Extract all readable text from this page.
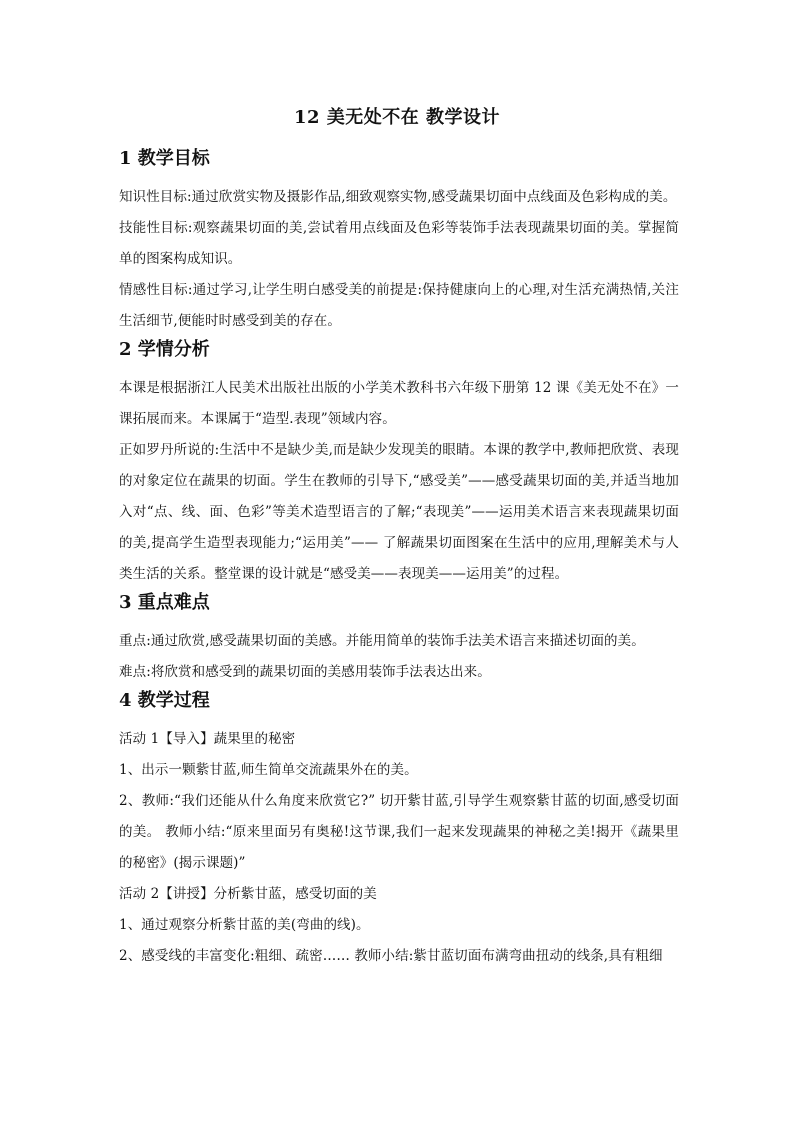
12 美无处不在 教学设计
1 教学目标

知识性目标:通过欣赏实物及摄影作品,细致观察实物,感受蔬果切面中点线面及色彩构成的美。

技能性目标:观察蔬果切面的美,尝试着用点线面及色彩等装饰手法表现蔬果切面的美。掌握简单的图案构成知识。

情感性目标:通过学习,让学生明白感受美的前提是:保持健康向上的心理,对生活充满热情,关注生活细节,便能时时感受到美的存在。

2 学情分析

本课是根据浙江人民美术出版社出版的小学美术教科书六年级下册第 12 课《美无处不在》一课拓展而来。本课属于“造型.表现”领域内容。

正如罗丹所说的:生活中不是缺少美,而是缺少发现美的眼睛。本课的教学中,教师把欣赏、表现的对象定位在蔬果的切面。学生在教师的引导下,“感受美”——感受蔬果切面的美,并适当地加入对“点、线、面、色彩”等美术造型语言的了解;“表现美”——运用美术语言来表现蔬果切面的美,提高学生造型表现能力;“运用美”—— 了解蔬果切面图案在生活中的应用,理解美术与人类生活的关系。整堂课的设计就是“感受美——表现美——运用美”的过程。

3 重点难点

重点:通过欣赏,感受蔬果切面的美感。并能用简单的装饰手法美术语言来描述切面的美。

难点:将欣赏和感受到的蔬果切面的美感用装饰手法表达出来。

4 教学过程

活动 1【导入】蔬果里的秘密

1、出示一颗紫甘蓝,师生简单交流蔬果外在的美。

2、教师:“我们还能从什么角度来欣赏它?” 切开紫甘蓝,引导学生观察紫甘蓝的切面,感受切面的美。 教师小结:“原来里面另有奥秘!这节课,我们一起来发现蔬果的神秘之美!揭开《蔬果里的秘密》(揭示课题)”

活动 2【讲授】分析紫甘蓝，感受切面的美

1、通过观察分析紫甘蓝的美(弯曲的线)。

2、感受线的丰富变化:粗细、疏密…… 教师小结:紫甘蓝切面布满弯曲扭动的线条,具有粗细
